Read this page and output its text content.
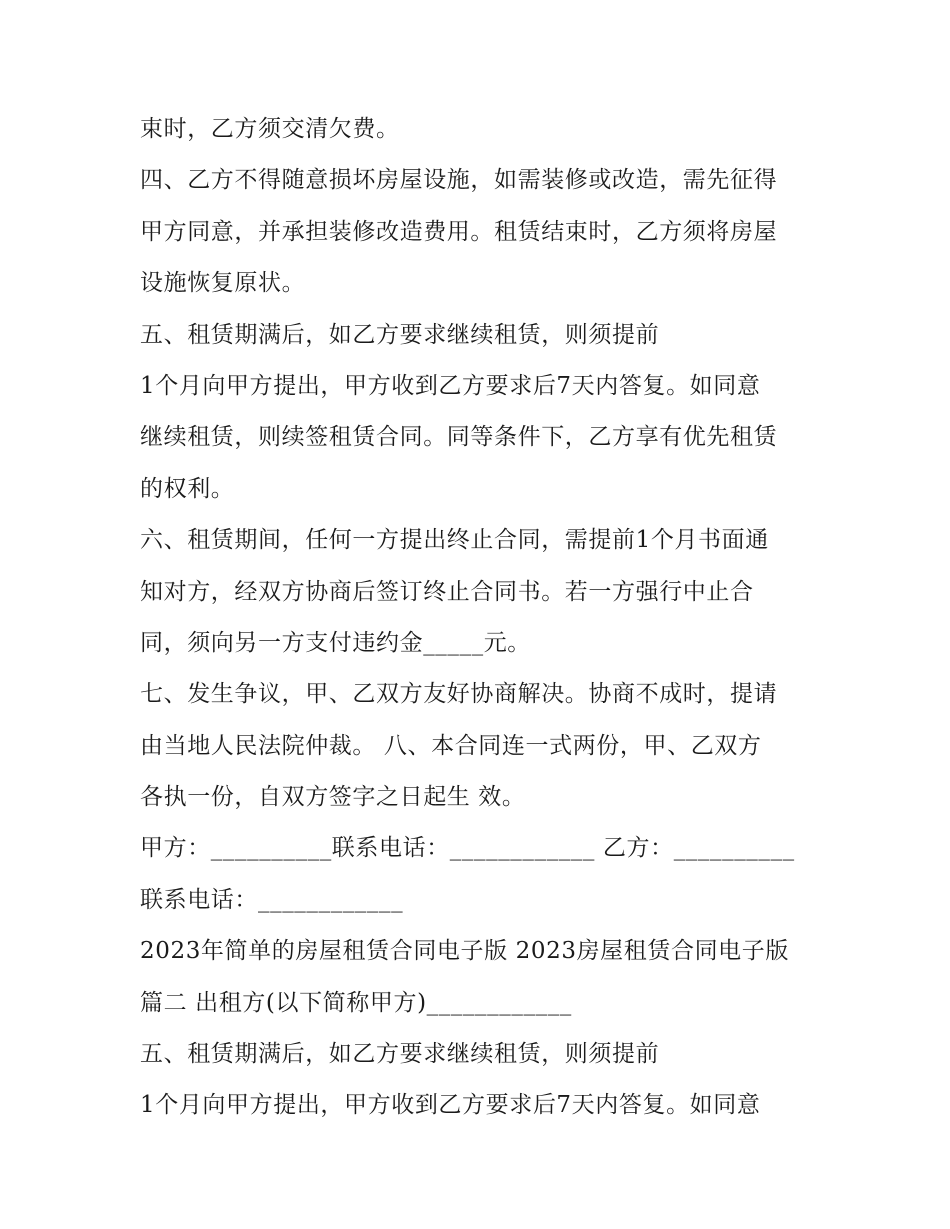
束时，乙方须交清欠费。
四、乙方不得随意损坏房屋设施，如需装修或改造，需先征得
甲方同意，并承担装修改造费用。租赁结束时，乙方须将房屋
设施恢复原状。
五、租赁期满后，如乙方要求继续租赁，则须提前
1个月向甲方提出，甲方收到乙方要求后7天内答复。如同意
继续租赁，则续签租赁合同。同等条件下，乙方享有优先租赁
的权利。
六、租赁期间，任何一方提出终止合同，需提前1个月书面通
知对方，经双方协商后签订终止合同书。若一方强行中止合
同，须向另一方支付违约金_____元。
七、发生争议，甲、乙双方友好协商解决。协商不成时，提请
由当地人民法院仲裁。 八、本合同连一式两份，甲、乙双方
各执一份，自双方签字之日起生 效。
甲方：__________联系电话：____________ 乙方：__________
联系电话：____________
2023年简单的房屋租赁合同电子版 2023房屋租赁合同电子版
篇二 出租方(以下简称甲方)____________
五、租赁期满后，如乙方要求继续租赁，则须提前
1个月向甲方提出，甲方收到乙方要求后7天内答复。如同意
